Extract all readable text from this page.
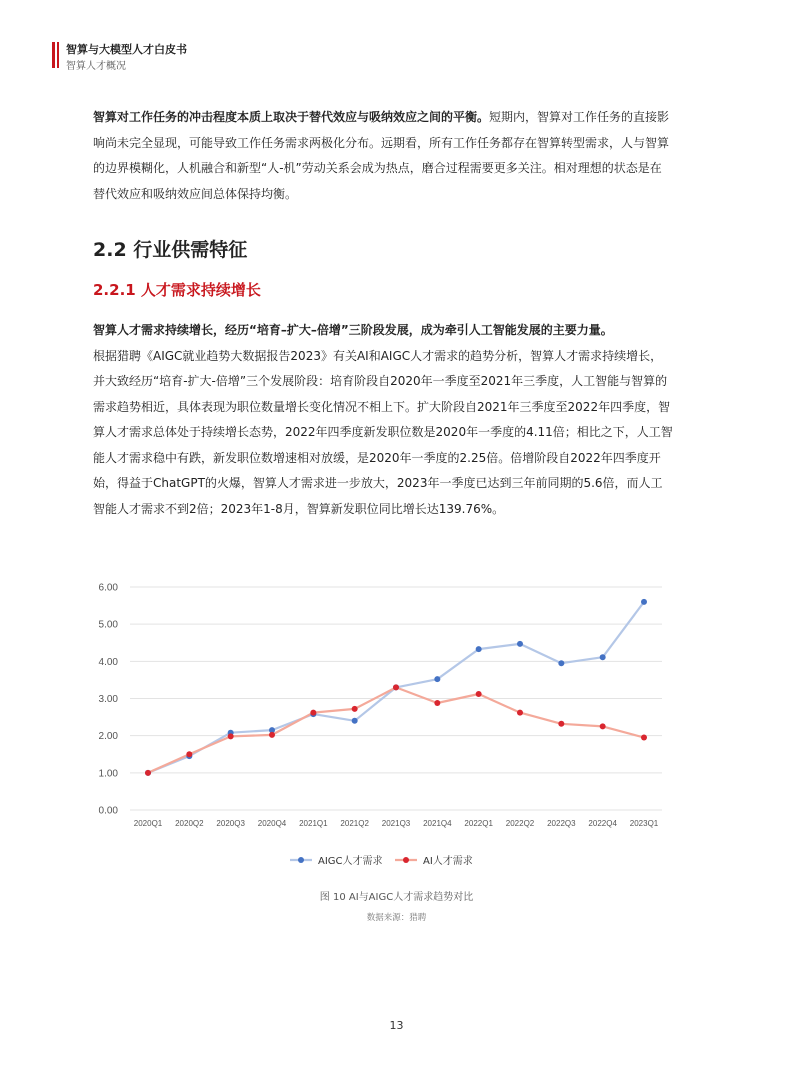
智算与大模型人才白皮书
智算人才概况

智算对工作任务的冲击程度本质上取决于替代效应与吸纳效应之间的平衡。短期内，智算对工作任务的直接影响尚未完全显现，可能导致工作任务需求两极化分布。远期看，所有工作任务都存在智算转型需求，人与智算的边界模糊化，人机融合和新型“人-机”劳动关系会成为热点，磨合过程需要更多关注。相对理想的状态是在替代效应和吸纳效应间总体保持均衡。

2.2 行业供需特征
2.2.1 人才需求持续增长

智算人才需求持续增长，经历“培育–扩大–倍增”三阶段发展，成为牵引人工智能发展的主要力量。
根据猎聘《AIGC就业趋势大数据报告2023》有关AI和AIGC人才需求的趋势分析，智算人才需求持续增长，并大致经历“培育-扩大-倍增”三个发展阶段：培育阶段自2020年一季度至2021年三季度，人工智能与智算的需求趋势相近，具体表现为职位数量增长变化情况不相上下。扩大阶段自2021年三季度至2022年四季度，智算人才需求总体处于持续增长态势，2022年四季度新发职位数是2020年一季度的4.11倍；相比之下，人工智能人才需求稳中有跌，新发职位数增速相对放缓，是2020年一季度的2.25倍。倍增阶段自2022年四季度开始，得益于ChatGPT的火爆，智算人才需求进一步放大，2023年一季度已达到三年前同期的5.6倍，而人工智能人才需求不到2倍；2023年1-8月，智算新发职位同比增长达139.76%。

0.00
1.00
2.00
3.00
4.00
5.00
6.00
2020Q1 2020Q2 2020Q3 2020Q4 2021Q1 2021Q2 2021Q3 2021Q4 2022Q1 2022Q2 2022Q3 2022Q4 2023Q1
AIGC人才需求	AI人才需求
图 10 AI与AIGC人才需求趋势对比
数据来源：猎聘
13
